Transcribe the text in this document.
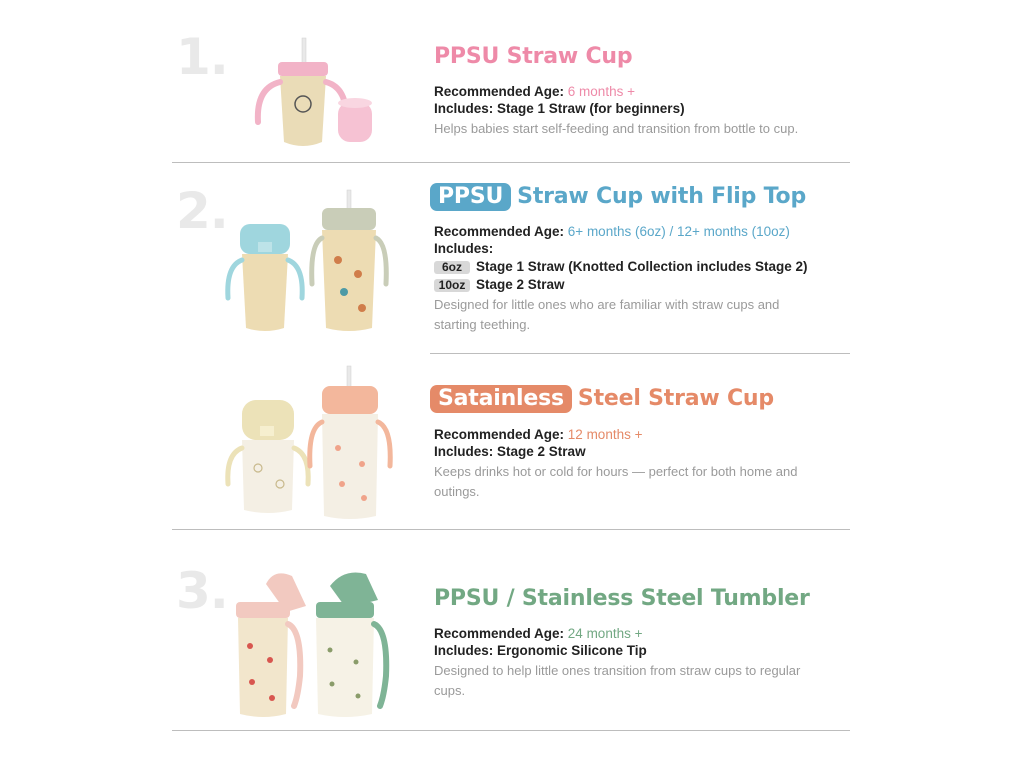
1.	PPSU Straw Cup
Recommended Age: 6 months +
Includes: Stage 1 Straw (for beginners)
Helps babies start self-feeding and transition from bottle to cup.
2.	PPSU Straw Cup with Flip Top
Recommended Age: 6+ months (6oz) / 12+ months (10oz)
Includes:
6oz Stage 1 Straw (Knotted Collection includes Stage 2)
10oz Stage 2 Straw
Designed for little ones who are familiar with straw cups and starting teething.
Satainless Steel Straw Cup
Recommended Age: 12 months +
Includes: Stage 2 Straw
Keeps drinks hot or cold for hours — perfect for both home and outings.
3.	PPSU / Stainless Steel Tumbler
Recommended Age: 24 months +
Includes: Ergonomic Silicone Tip
Designed to help little ones transition from straw cups to regular cups.
